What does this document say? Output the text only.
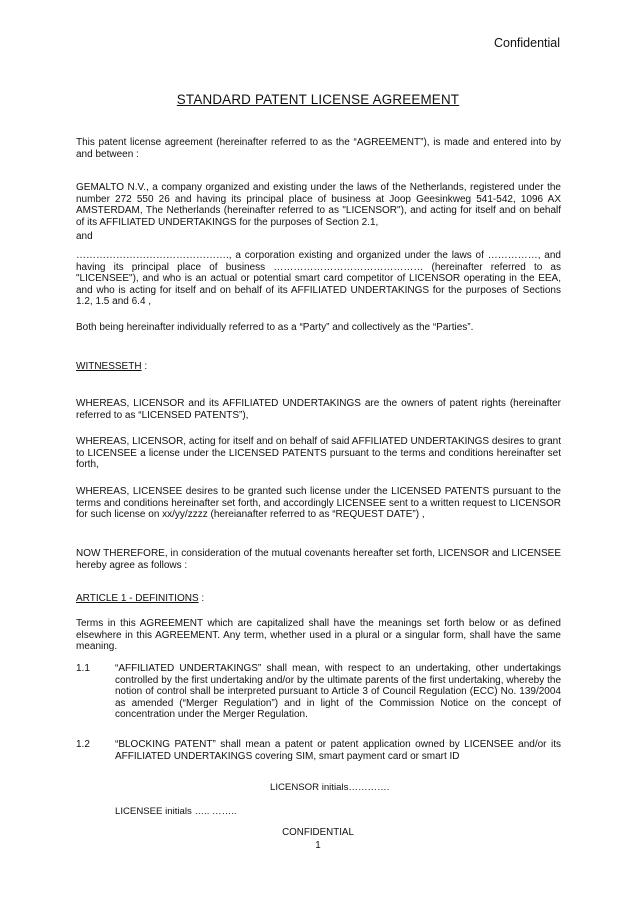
Confidential
STANDARD PATENT LICENSE AGREEMENT

This patent license agreement (hereinafter referred to as the “AGREEMENT”), is made and entered into by and between :

GEMALTO N.V., a company organized and existing under the laws of the Netherlands, registered under the number 272 550 26 and having its principal place of business at Joop Geesinkweg 541-542, 1096 AX AMSTERDAM, The Netherlands (hereinafter referred to as "LICENSOR"), and acting for itself and on behalf of its AFFILIATED UNDERTAKINGS for the purposes of Section 2.1,

and

………………………………………., a corporation existing and organized under the laws of ……………, and having its principal place of business ……………………………………… (hereinafter referred to as "LICENSEE"), and who is an actual or potential smart card competitor of LICENSOR operating in the EEA, and who is acting for itself and on behalf of its AFFILIATED UNDERTAKINGS for the purposes of Sections 1.2, 1.5 and 6.4 ,

Both being hereinafter individually referred to as a “Party” and collectively as the “Parties”.

WITNESSETH :

WHEREAS, LICENSOR and its AFFILIATED UNDERTAKINGS are the owners of patent rights (hereinafter referred to as “LICENSED PATENTS”),

WHEREAS, LICENSOR, acting for itself and on behalf of said AFFILIATED UNDERTAKINGS desires to grant to LICENSEE a license under the LICENSED PATENTS pursuant to the terms and conditions hereinafter set forth,

WHEREAS, LICENSEE desires to be granted such license under the LICENSED PATENTS pursuant to the terms and conditions hereinafter set forth, and accordingly LICENSEE sent to a written request to LICENSOR for such license on xx/yy/zzzz (hereianafter referred to as “REQUEST DATE”) ,

NOW THEREFORE, in consideration of the mutual covenants hereafter set forth, LICENSOR and LICENSEE hereby agree as follows :

ARTICLE 1 - DEFINITIONS :

Terms in this AGREEMENT which are capitalized shall have the meanings set forth below or as defined elsewhere in this AGREEMENT. Any term, whether used in a plural or a singular form, shall have the same meaning.

1.1	“AFFILIATED UNDERTAKINGS” shall mean, with respect to an undertaking, other undertakings controlled by the first undertaking and/or by the ultimate parents of the first undertaking, whereby the notion of control shall be interpreted pursuant to Article 3 of Council Regulation (ECC) No. 139/2004 as amended (“Merger Regulation”) and in light of the Commission Notice on the concept of concentration under the Merger Regulation.

1.2	“BLOCKING PATENT” shall mean a patent or patent application owned by LICENSEE and/or its AFFILIATED UNDERTAKINGS covering SIM, smart payment card or smart ID

LICENSOR initials………….
LICENSEE initials ….. ……..
CONFIDENTIAL
1
